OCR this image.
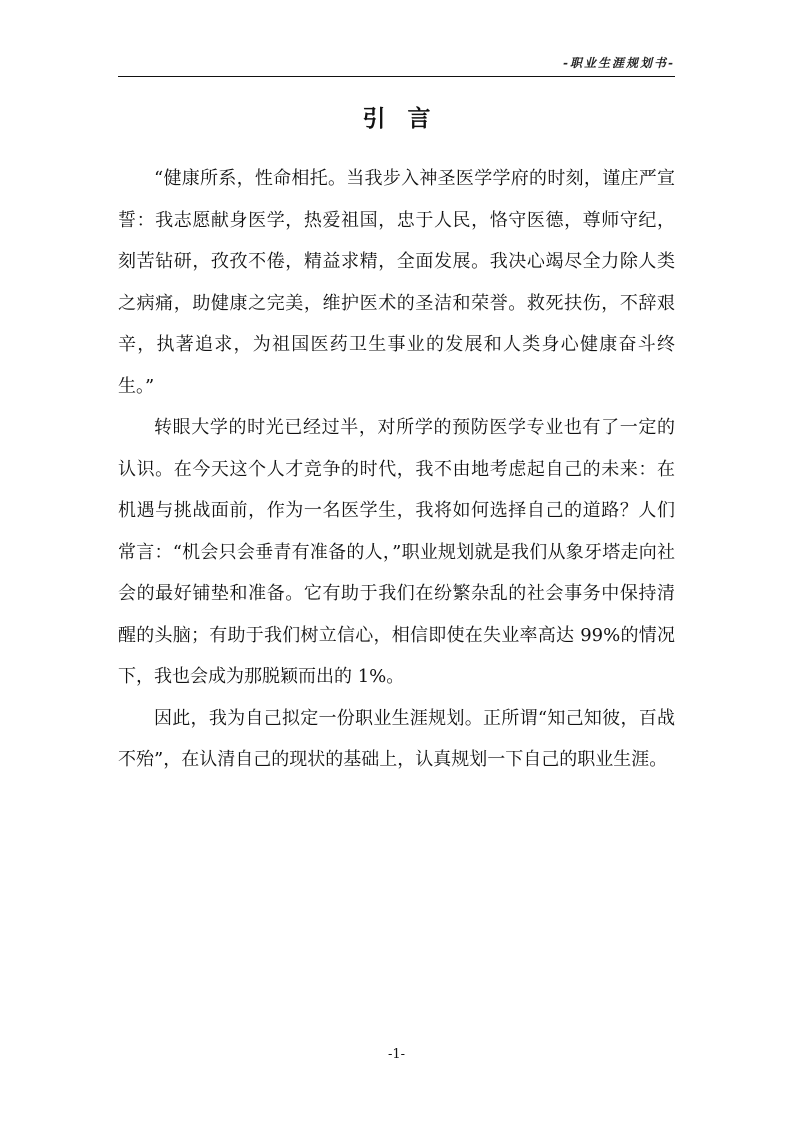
-职业生涯规划书-
引言

“健康所系，性命相托。当我步入神圣医学学府的时刻，谨庄严宣誓：我志愿献身医学，热爱祖国，忠于人民，恪守医德，尊师守纪，刻苦钻研，孜孜不倦，精益求精，全面发展。我决心竭尽全力除人类之病痛，助健康之完美，维护医术的圣洁和荣誉。救死扶伤，不辞艰辛，执著追求，为祖国医药卫生事业的发展和人类身心健康奋斗终生。”

转眼大学的时光已经过半，对所学的预防医学专业也有了一定的认识。在今天这个人才竞争的时代，我不由地考虑起自己的未来：在机遇与挑战面前，作为一名医学生，我将如何选择自己的道路？人们常言：“机会只会垂青有准备的人，”职业规划就是我们从象牙塔走向社会的最好铺垫和准备。它有助于我们在纷繁杂乱的社会事务中保持清醒的头脑；有助于我们树立信心，相信即使在失业率高达 99%的情况下，我也会成为那脱颖而出的 1%。

因此，我为自己拟定一份职业生涯规划。正所谓“知己知彼，百战不殆”，在认清自己的现状的基础上，认真规划一下自己的职业生涯。

-1-
